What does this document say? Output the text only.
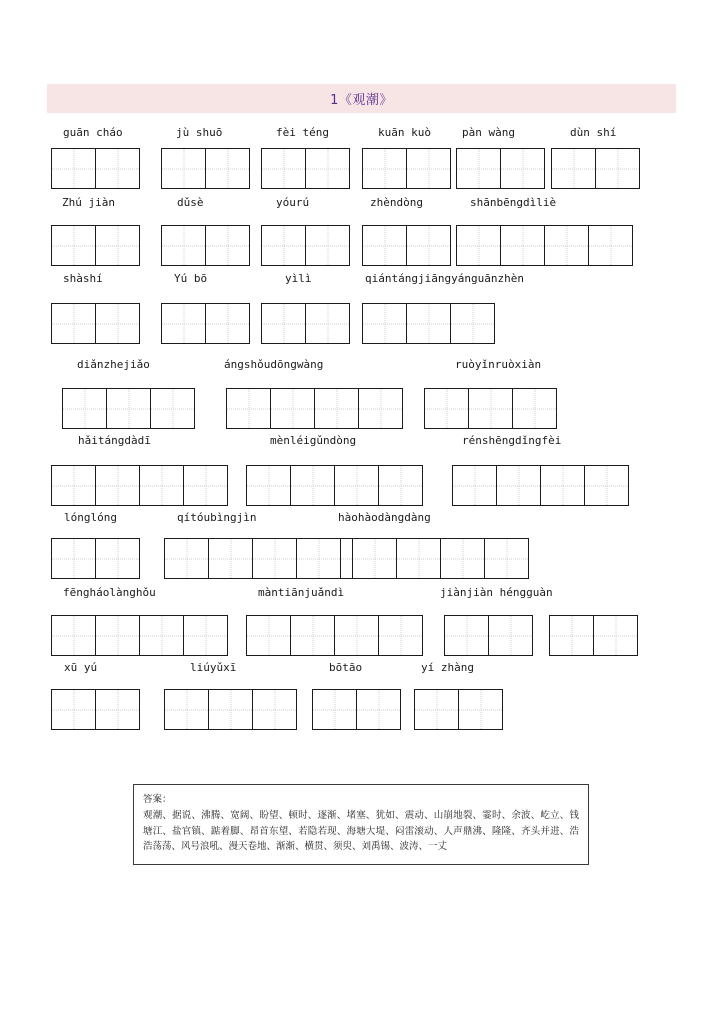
1《观潮》
guān cháo	jù shuō	fèi téng	kuān kuò	pàn wàng	dùn shí
Zhú jiàn	dǔsè	yóurú	zhèndòng	shānbēngdìliè
shàshí	Yú bō	yìlì	qiántángjiāngyánguānzhèn
diǎnzhejiǎo	ángshǒudōngwàng	ruòyǐnruòxiàn
hǎitángdàdī	mènléigǔndòng	rénshēngdǐngfèi
lónglóng	qítóubìngjìn	hàohàodàngdàng
fēngháolànghǒu	màntiānjuǎndì	jiànjiàn héngguàn
xū yú	liúyǔxī	bōtāo	yí zhàng
答案：
观潮、据说、沸腾、宽阔、盼望、顿时、逐渐、堵塞、犹如、震动、山崩地裂、霎时、余波、屹立、钱塘江、盐官镇、踮着脚、昂首东望、若隐若现、海塘大堤、闷雷滚动、人声鼎沸、隆隆、齐头并进、浩浩荡荡、风号浪吼、漫天卷地、渐渐、横贯、须臾、刘禹锡、波涛、一丈
